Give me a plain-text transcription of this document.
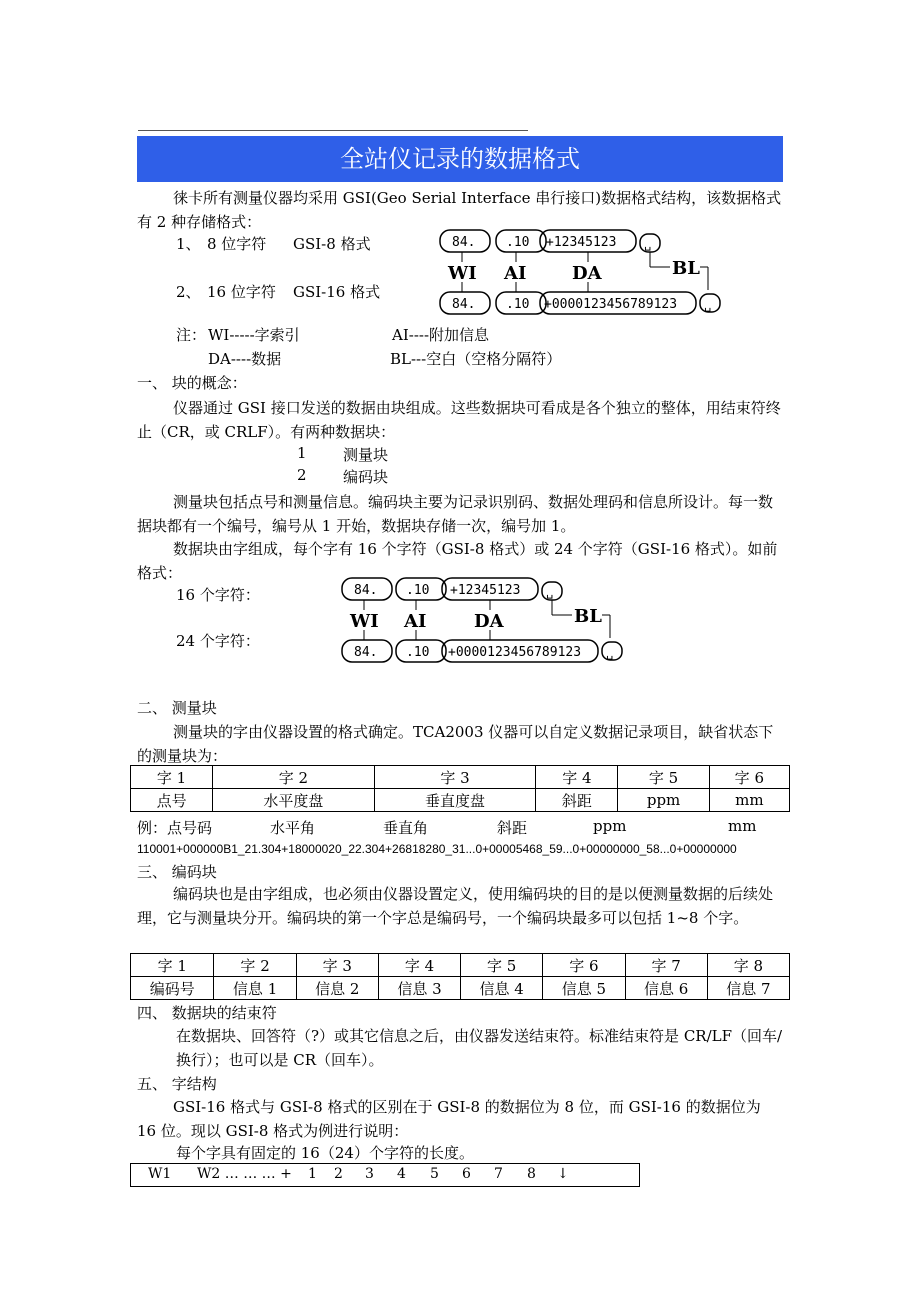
全站仪记录的数据格式
徕卡所有测量仪器均采用 GSI(Geo Serial Interface 串行接口)数据格式结构，该数据格式有 2 种存储格式：
1、 8 位字符 GSI-8 格式
2、 16 位字符 GSI-16 格式
84. .10 +12345123 ␣
WI AI	DA	BL
84. .10 +0000123456789123 ␣
注： WI-----字索引	AI----附加信息
DA----数据	BL---空白（空格分隔符）
一、 块的概念：
仪器通过 GSI 接口发送的数据由块组成。这些数据块可看成是各个独立的整体，用结束符终止（CR，或 CRLF）。有两种数据块：
1 测量块
2 编码块
测量块包括点号和测量信息。编码块主要为记录识别码、数据处理码和信息所设计。每一数据块都有一个编号，编号从 1 开始，数据块存储一次，编号加 1。
数据块由字组成，每个字有 16 个字符（GSI-8 格式）或 24 个字符（GSI-16 格式）。如前格式：
16 个字符：
24 个字符：
84. .10 +12345123 ␣
WI AI	DA	BL
84. .10 +0000123456789123 ␣
二、 测量块
测量块的字由仪器设置的格式确定。TCA2003 仪器可以自定义数据记录项目，缺省状态下的测量块为：
字 1	字 2	字 3	字 4	字 5	字 6
点号	水平度盘	垂直度盘	斜距	ppm	mm
例：点号码	水平角	垂直角	斜距	ppm	mm
110001+000000B1_21.304+18000020_22.304+26818280_31...0+00005468_59...0+00000000_58...0+00000000
三、 编码块
编码块也是由字组成，也必须由仪器设置定义，使用编码块的目的是以便测量数据的后续处理，它与测量块分开。编码块的第一个字总是编码号，一个编码块最多可以包括 1~8 个字。
字 1	字 2	字 3	字 4	字 5	字 6	字 7	字 8
编码号	信息 1	信息 2	信息 3	信息 4	信息 5	信息 6	信息 7
四、 数据块的结束符
在数据块、回答符（?）或其它信息之后，由仪器发送结束符。标准结束符是 CR/LF（回车/换行）；也可以是 CR（回车）。
五、 字结构
GSI-16 格式与 GSI-8 格式的区别在于 GSI-8 的数据位为 8 位，而 GSI-16 的数据位为 16 位。现以 GSI-8 格式为例进行说明：
每个字具有固定的 16（24）个字符的长度。
W1 W2 … … … + 1 2 3 4 5 6 7 8 ↓
